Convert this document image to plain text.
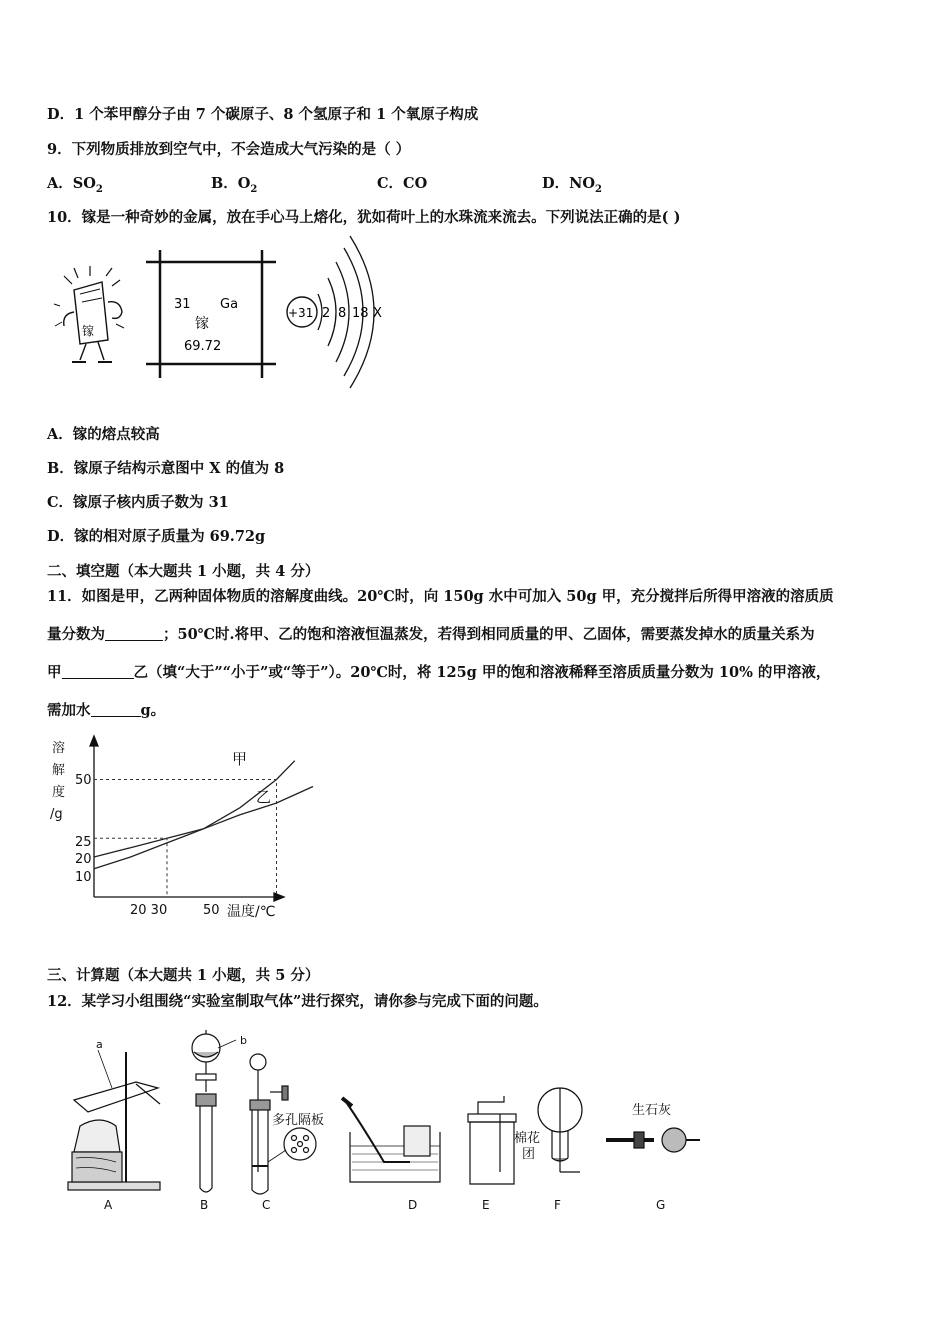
D．1 个苯甲醇分子由 7 个碳原子、8 个氢原子和 1 个氧原子构成
9．下列物质排放到空气中，不会造成大气污染的是（ ）
A．$SO_2$	B．$O_2$	C．CO	D．$NO_2$
10．镓是一种奇妙的金属，放在手心马上熔化，犹如荷叶上的水珠流来流去。下列说法正确的是( )
镓
31 Ga
镓
69.72
+31 2 8 18 X
A．镓的熔点较高
B．镓原子结构示意图中 X 的值为 8
C．镓原子核内质子数为 31
D．镓的相对原子质量为 69.72g
二、填空题（本大题共 1 小题，共 4 分）
11．如图是甲，乙两种固体物质的溶解度曲线。20℃时，向 150g 水中可加入 50g 甲，充分搅拌后所得甲溶液的溶质质
量分数为	；50℃时.将甲、乙的饱和溶液恒温蒸发，若得到相同质量的甲、乙固体，需要蒸发掉水的质量关系为
甲	乙（填“大于”“小于”或“等于”）。20℃时，将 125g 甲的饱和溶液稀释至溶质质量分数为 10% 的甲溶液，
需加水	g。
溶
解
度
/g
50
25
20
10
20 30	50 温度/℃
甲
乙
三、计算题（本大题共 1 小题，共 5 分）
12．某学习小组围绕“实验室制取气体”进行探究，请你参与完成下面的问题。
a	b
多孔隔板
棉花
团
生石灰
A	B	C	D	E	F	G
